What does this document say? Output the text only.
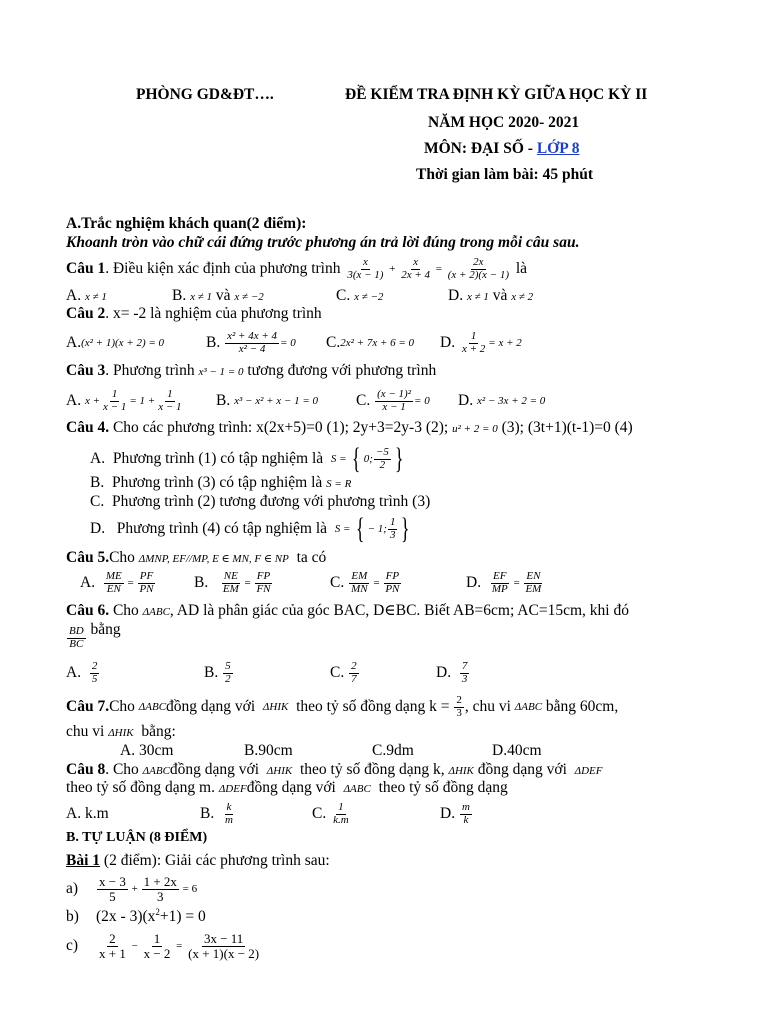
PHÒNG GD&ĐT….	ĐỀ KIỂM TRA ĐỊNH KỲ GIỮA HỌC KỲ II
NĂM HỌC 2020- 2021
MÔN: ĐẠI SỐ - LỚP 8
Thời gian làm bài: 45 phút
A.Trắc nghiệm khách quan(2 điểm):
Khoanh tròn vào chữ cái đứng trước phương án trả lời đúng trong mỗi câu sau.
Câu 1 . Điều kiện xác định của phương trình
x
$3(x - 1) + \frac{x}{2x + 4} = \frac{2x}{(x + 2)(x - 1)}$
là
A. x ≠ 1	B. x ≠ 1 và x ≠ −2	C. x ≠ −2	D. x ≠ 1 và x ≠ 2
Câu 2. x= -2 là nghiệm của phương trình
A. (x² + 1)(x + 2) = 0	B.
$\frac{\text{x² + 4x + 4}}{\text{x² − 4}} = 0$ C. 2x² + 7x + 6 = 0 D.
$\frac{1}{x + 2} = x + 2$
Câu 3. Phương trình x³ − 1 = 0 tương đương với phương trình
A.
$x + \frac{1}{x - 1} = 1 + \frac{1}{x - 1} B$.
x³ − x² + x − 1 = 0 C.
$\frac{\text{(x − 1)²}}{x - 1} = 0$ D.
x² − 3x + 2 = 0
Câu 4. Cho các phương trình: x(2x+5)=0 (1); 2y+3=2y-3 (2); u² + 2 = 0 (3); (3t+1)(t-1)=0 (4)
A.
Phương trình (1) có tập nghiệm là
S =
{ 0;
−5
2 }
B. Phương trình (3) có tập nghiệm là S = R
C. Phương trình (2) tương đương với phương trình (3)
D.
Phương trình (4) có tập nghiệm là
S =
{ − 1;
1
3 }
Câu 5.Cho ΔMNP, EF//MP, E ∈ MN, F ∈ NP ta có
A.
$\frac{ME}{EN} = \frac{PF}{PN} B$.
$\frac{NE}{EM} = \frac{FP}{FN}$	C.
$\frac{EM}{MN} = \frac{FP}{PN}$	D.
$\frac{EF}{MP} = \frac{EN}{EM}$
Câu 6. Cho ΔABC, AD là phân giác của góc BAC, D∈BC. Biết AB=6cm; AC=15cm, khi đó
BD
BC

bằng
A.
2
5	B.
5
2	C.
2
7	D.
7
3
Câu 7. Cho
ΔABC đồng dạng với
ΔHIK
theo tỷ số đồng dạng k =
$\frac{2}{3}$ , chu vi
ΔABC
bằng 60cm,
chu vi ΔHIK bằng:
A. 30cm	B.90cm	C.9dm	D.40cm
Câu 8. Cho ΔABCđồng dạng với ΔHIK theo tỷ số đồng dạng k, ΔHIK đồng dạng với ΔDEF
theo tỷ số đồng dạng m. ΔDEFđồng dạng với ΔABC theo tỷ số đồng dạng
A.
k.m	B.
k
m	C.
1
k.m	D.
m
k
B. TỰ LUẬN (8 ĐIỂM)
Bài 1 (2 điểm): Giải các phương trình sau:
a)	x − 3
5
+

1 + 2x
3
= 6
b) $(2x - 3)(x^2+1) = 0$
c)	2
x + 1
−

1
x − 2
=

3x − 11
(x + 1)(x − 2)
